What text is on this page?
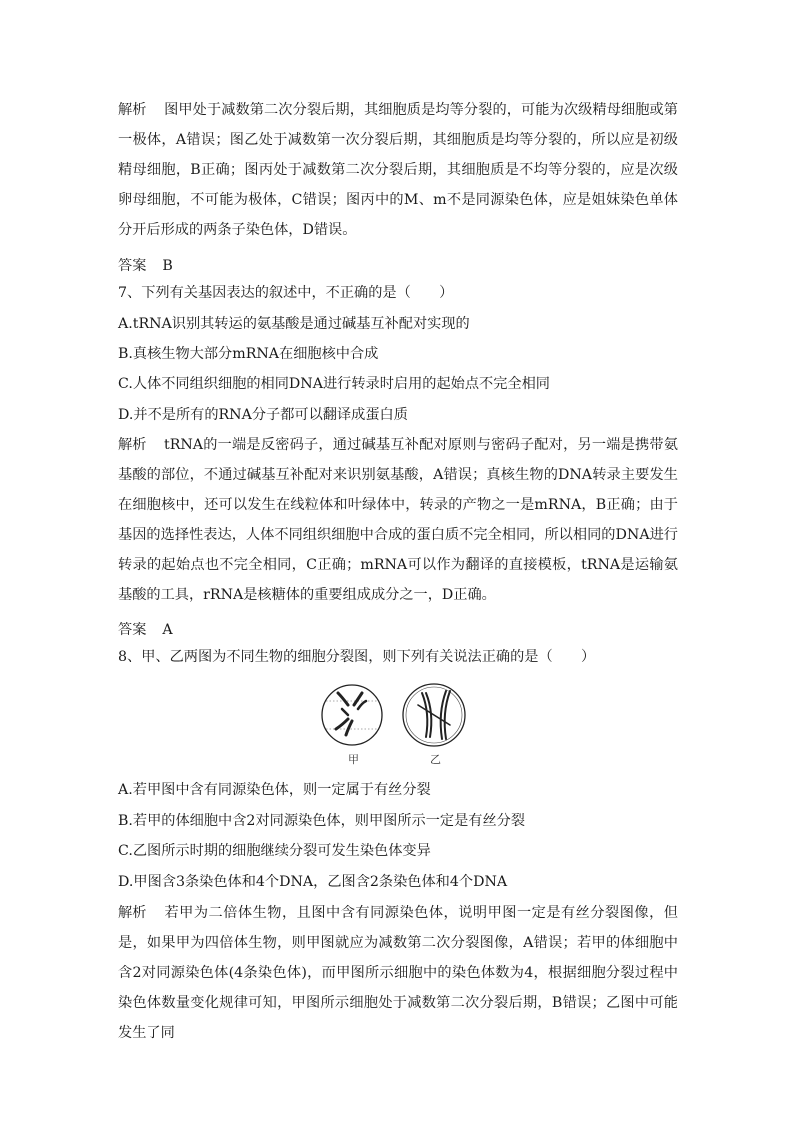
解析 图甲处于减数第二次分裂后期，其细胞质是均等分裂的，可能为次级精母细胞或第一极体，A错误；图乙处于减数第一次分裂后期，其细胞质是均等分裂的，所以应是初级精母细胞，B正确；图丙处于减数第二次分裂后期，其细胞质是不均等分裂的，应是次级卵母细胞，不可能为极体，C错误；图丙中的M、m不是同源染色体，应是姐妹染色单体分开后形成的两条子染色体，D错误。
答案 B
7、下列有关基因表达的叙述中，不正确的是（　　）
A.tRNA识别其转运的氨基酸是通过碱基互补配对实现的
B.真核生物大部分mRNA在细胞核中合成
C.人体不同组织细胞的相同DNA进行转录时启用的起始点不完全相同
D.并不是所有的RNA分子都可以翻译成蛋白质
解析 tRNA的一端是反密码子，通过碱基互补配对原则与密码子配对，另一端是携带氨基酸的部位，不通过碱基互补配对来识别氨基酸，A错误；真核生物的DNA转录主要发生在细胞核中，还可以发生在线粒体和叶绿体中，转录的产物之一是mRNA，B正确；由于基因的选择性表达，人体不同组织细胞中合成的蛋白质不完全相同，所以相同的DNA进行转录的起始点也不完全相同，C正确；mRNA可以作为翻译的直接模板，tRNA是运输氨基酸的工具，rRNA是核糖体的重要组成成分之一，D正确。
答案 A
8、甲、乙两图为不同生物的细胞分裂图，则下列有关说法正确的是（　　）
甲	乙
A.若甲图中含有同源染色体，则一定属于有丝分裂
B.若甲的体细胞中含2对同源染色体，则甲图所示一定是有丝分裂
C.乙图所示时期的细胞继续分裂可发生染色体变异
D.甲图含3条染色体和4个DNA，乙图含2条染色体和4个DNA
解析 若甲为二倍体生物，且图中含有同源染色体，说明甲图一定是有丝分裂图像，但是，如果甲为四倍体生物，则甲图就应为减数第二次分裂图像，A错误；若甲的体细胞中含2对同源染色体(4条染色体)，而甲图所示细胞中的染色体数为4，根据细胞分裂过程中染色体数量变化规律可知，甲图所示细胞处于减数第二次分裂后期，B错误；乙图中可能发生了同
